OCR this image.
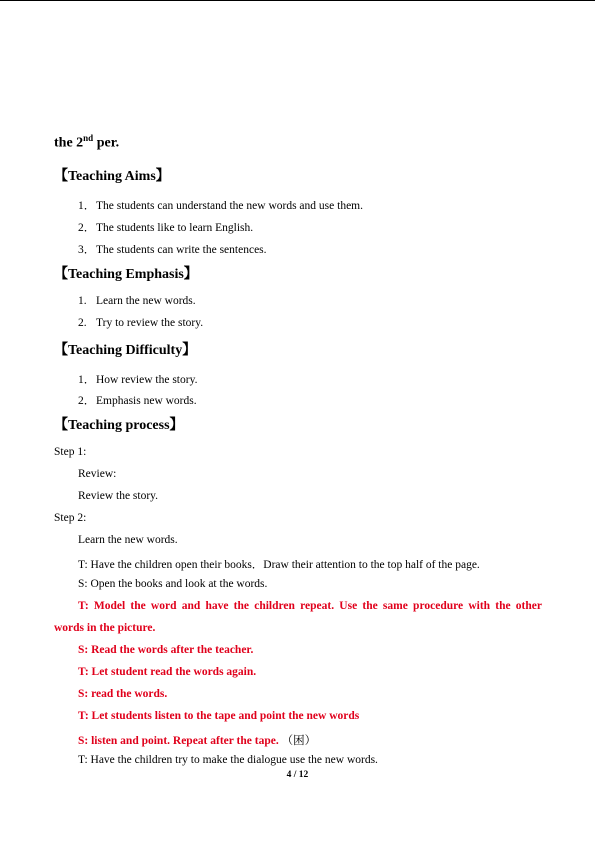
the 2nd per.
【Teaching Aims】
1．The students can understand the new words and use them.
2．The students like to learn English.
3．The students can write the sentences.
【Teaching Emphasis】
1. Learn the new words.
2. Try to review the story.
【Teaching Difficulty】
1．How review the story.
2．Emphasis new words.
【Teaching process】
Step 1:
Review:
Review the story.
Step 2:
Learn the new words.
T: Have the children open their books．Draw their attention to the top half of the page.
S: Open the books and look at the words.
T: Model the word and have the children repeat. Use the same procedure with the other
words in the picture.
S: Read the words after the teacher.
T: Let student read the words again.
S: read the words.
T: Let students listen to the tape and point the new words
S: listen and point. Repeat after the tape. （困）
T: Have the children try to make the dialogue use the new words.
4 / 12
